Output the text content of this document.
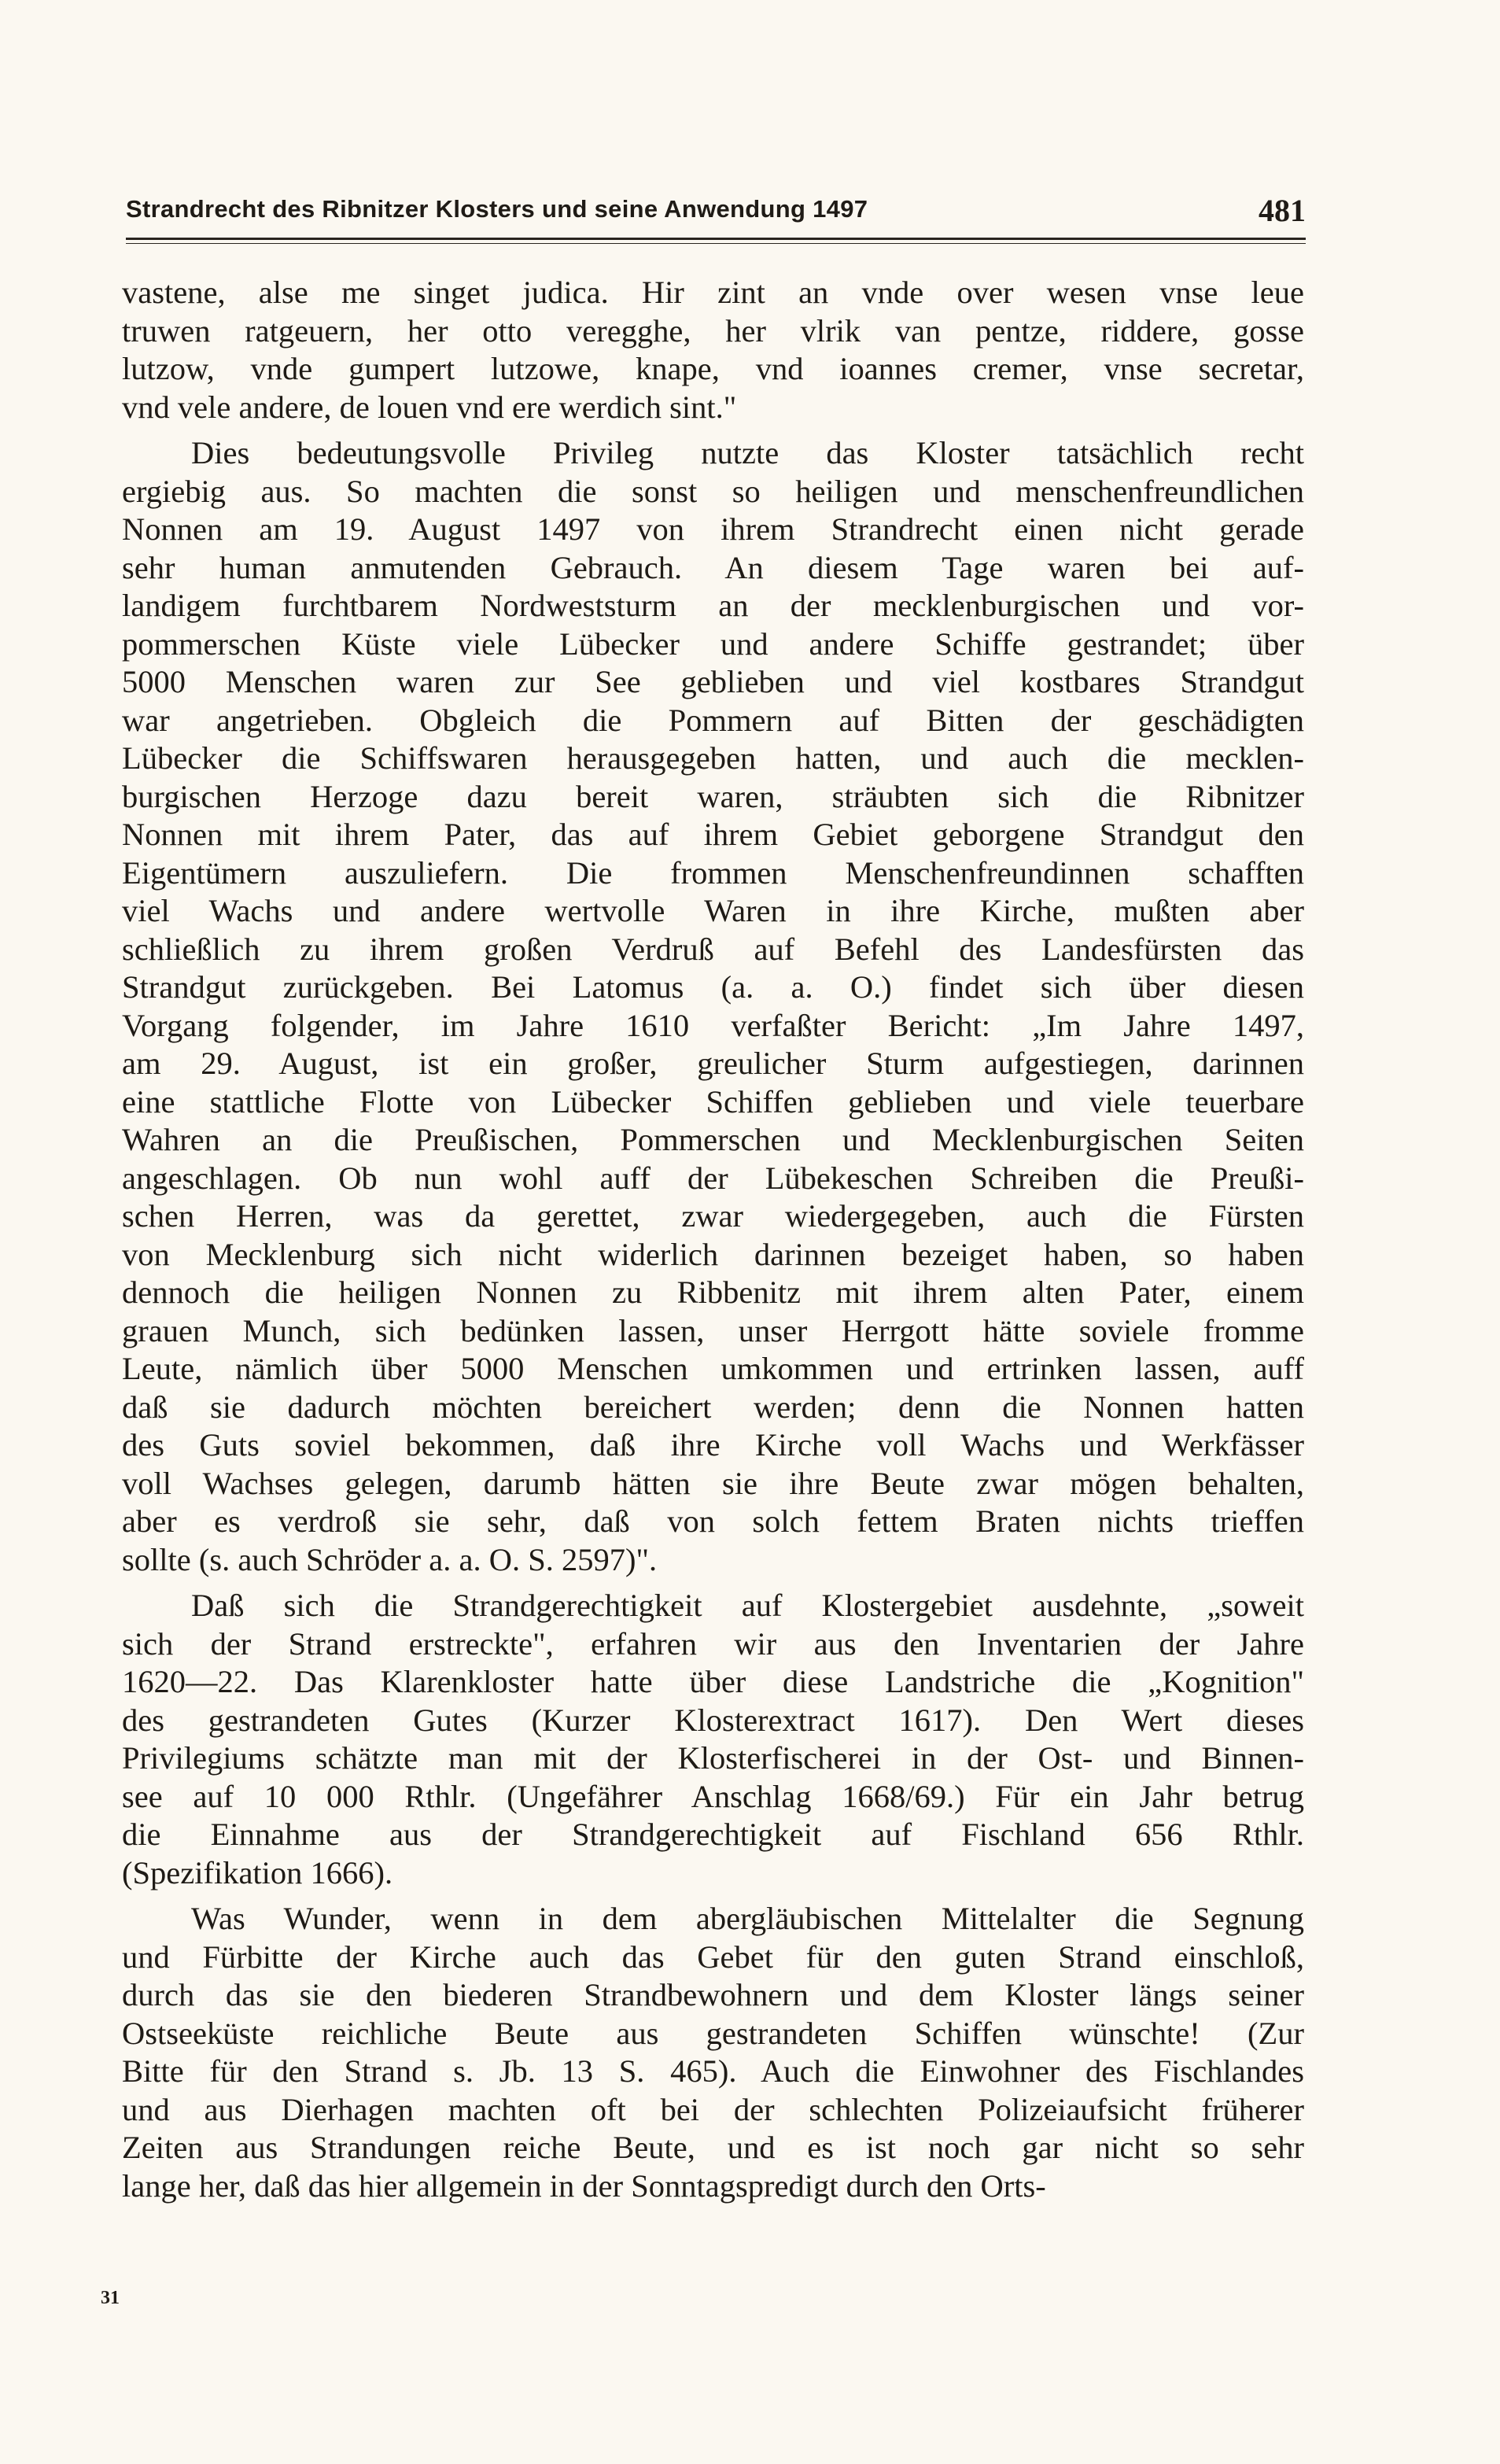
Strandrecht des Ribnitzer Klosters und seine Anwendung 1497	481
vastene, alse me singet judica. Hir zint an vnde over wesen vnse leue
truwen ratgeuern, her otto veregghe, her vlrik van pentze, riddere, gosse
lutzow, vnde gumpert lutzowe, knape, vnd ioannes cremer, vnse secretar,
vnd vele andere, de louen vnd ere werdich sint."
Dies bedeutungsvolle Privileg nutzte das Kloster tatsächlich recht
ergiebig aus. So machten die sonst so heiligen und menschenfreundlichen
Nonnen am 19. August 1497 von ihrem Strandrecht einen nicht gerade
sehr human anmutenden Gebrauch. An diesem Tage waren bei auf-
landigem furchtbarem Nordweststurm an der mecklenburgischen und vor-
pommerschen Küste viele Lübecker und andere Schiffe gestrandet; über
5000 Menschen waren zur See geblieben und viel kostbares Strandgut
war angetrieben. Obgleich die Pommern auf Bitten der geschädigten
Lübecker die Schiffswaren herausgegeben hatten, und auch die mecklen-
burgischen Herzoge dazu bereit waren, sträubten sich die Ribnitzer
Nonnen mit ihrem Pater, das auf ihrem Gebiet geborgene Strandgut den
Eigentümern auszuliefern. Die frommen Menschenfreundinnen schafften
viel Wachs und andere wertvolle Waren in ihre Kirche, mußten aber
schließlich zu ihrem großen Verdruß auf Befehl des Landesfürsten das
Strandgut zurückgeben. Bei Latomus (a. a. O.) findet sich über diesen
Vorgang folgender, im Jahre 1610 verfaßter Bericht: „Im Jahre 1497,
am 29. August, ist ein großer, greulicher Sturm aufgestiegen, darinnen
eine stattliche Flotte von Lübecker Schiffen geblieben und viele teuerbare
Wahren an die Preußischen, Pommerschen und Mecklenburgischen Seiten
angeschlagen. Ob nun wohl auff der Lübekeschen Schreiben die Preußi-
schen Herren, was da gerettet, zwar wiedergegeben, auch die Fürsten
von Mecklenburg sich nicht widerlich darinnen bezeiget haben, so haben
dennoch die heiligen Nonnen zu Ribbenitz mit ihrem alten Pater, einem
grauen Munch, sich bedünken lassen, unser Herrgott hätte soviele fromme
Leute, nämlich über 5000 Menschen umkommen und ertrinken lassen, auff
daß sie dadurch möchten bereichert werden; denn die Nonnen hatten
des Guts soviel bekommen, daß ihre Kirche voll Wachs und Werkfässer
voll Wachses gelegen, darumb hätten sie ihre Beute zwar mögen behalten,
aber es verdroß sie sehr, daß von solch fettem Braten nichts trieffen
sollte (s. auch Schröder a. a. O. S. 2597)".
Daß sich die Strandgerechtigkeit auf Klostergebiet ausdehnte, „soweit
sich der Strand erstreckte", erfahren wir aus den Inventarien der Jahre
1620—22. Das Klarenkloster hatte über diese Landstriche die „Kognition"
des gestrandeten Gutes (Kurzer Klosterextract 1617). Den Wert dieses
Privilegiums schätzte man mit der Klosterfischerei in der Ost- und Binnen-
see auf 10 000 Rthlr. (Ungefährer Anschlag 1668/69.) Für ein Jahr betrug
die Einnahme aus der Strandgerechtigkeit auf Fischland 656 Rthlr.
(Spezifikation 1666).
Was Wunder, wenn in dem abergläubischen Mittelalter die Segnung
und Fürbitte der Kirche auch das Gebet für den guten Strand einschloß,
durch das sie den biederen Strandbewohnern und dem Kloster längs seiner
Ostseeküste reichliche Beute aus gestrandeten Schiffen wünschte! (Zur
Bitte für den Strand s. Jb. 13 S. 465). Auch die Einwohner des Fischlandes
und aus Dierhagen machten oft bei der schlechten Polizeiaufsicht früherer
Zeiten aus Strandungen reiche Beute, und es ist noch gar nicht so sehr
lange her, daß das hier allgemein in der Sonntagspredigt durch den Orts-
31
